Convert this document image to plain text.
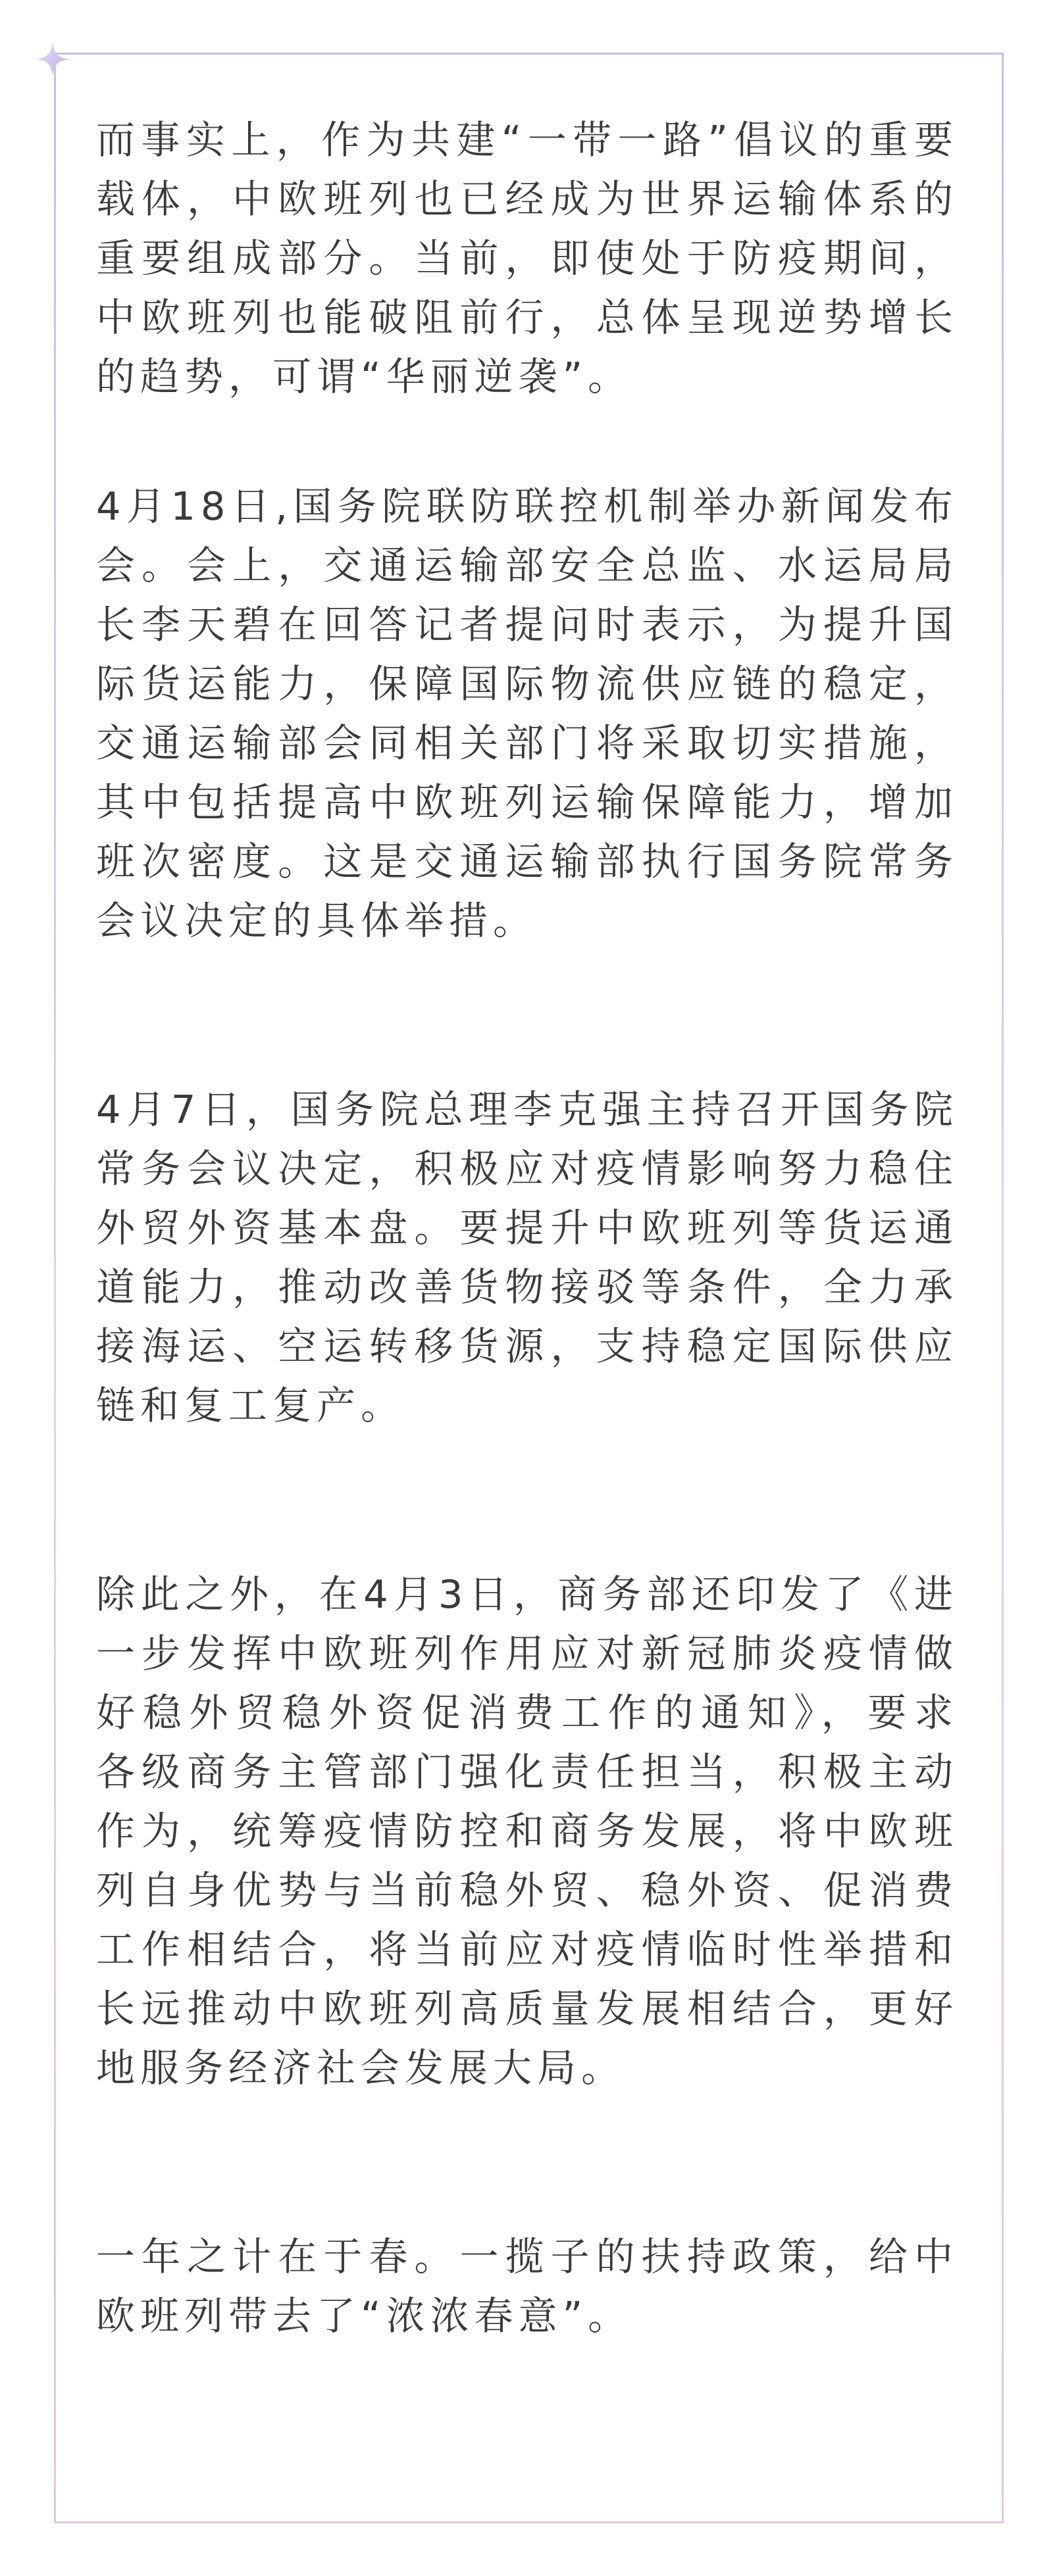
而事实上，作为共建“一带一路”倡议的重要载体，中欧班列也已经成为世界运输体系的重要组成部分。当前，即使处于防疫期间，中欧班列也能破阻前行，总体呈现逆势增长的趋势，可谓“华丽逆袭”。

4月18日,国务院联防联控机制举办新闻发布会。会上，交通运输部安全总监、水运局局长李天碧在回答记者提问时表示，为提升国际货运能力，保障国际物流供应链的稳定，交通运输部会同相关部门将采取切实措施，其中包括提高中欧班列运输保障能力，增加班次密度。这是交通运输部执行国务院常务会议决定的具体举措。

4月7日，国务院总理李克强主持召开国务院常务会议决定，积极应对疫情影响努力稳住外贸外资基本盘。要提升中欧班列等货运通道能力，推动改善货物接驳等条件，全力承接海运、空运转移货源，支持稳定国际供应链和复工复产。

除此之外，在4月3日，商务部还印发了《进一步发挥中欧班列作用应对新冠肺炎疫情做好稳外贸稳外资促消费工作的通知》，要求各级商务主管部门强化责任担当，积极主动作为，统筹疫情防控和商务发展，将中欧班列自身优势与当前稳外贸、稳外资、促消费工作相结合，将当前应对疫情临时性举措和长远推动中欧班列高质量发展相结合，更好地服务经济社会发展大局。

一年之计在于春。一揽子的扶持政策，给中欧班列带去了“浓浓春意”。
